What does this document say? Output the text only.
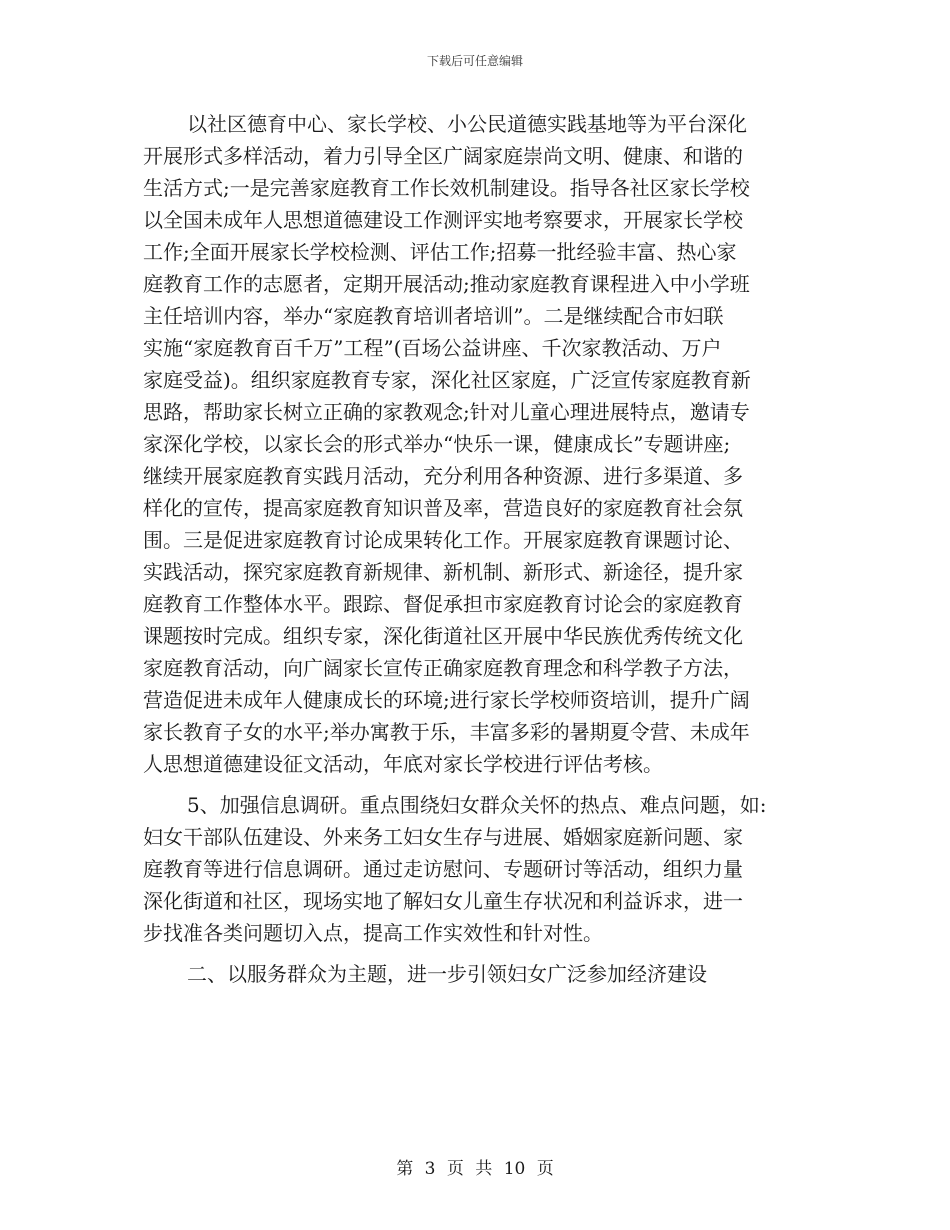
下载后可任意编辑
以社区德育中心、家长学校、小公民道德实践基地等为平台深化
开展形式多样活动，着力引导全区广阔家庭崇尚文明、健康、和谐的
生活方式;一是完善家庭教育工作长效机制建设。指导各社区家长学校
以全国未成年人思想道德建设工作测评实地考察要求，开展家长学校
工作;全面开展家长学校检测、评估工作;招募一批经验丰富、热心家
庭教育工作的志愿者，定期开展活动;推动家庭教育课程进入中小学班
主任培训内容，举办“家庭教育培训者培训”。二是继续配合市妇联
实施“家庭教育百千万”工程”(百场公益讲座、千次家教活动、万户
家庭受益)。组织家庭教育专家，深化社区家庭，广泛宣传家庭教育新
思路，帮助家长树立正确的家教观念;针对儿童心理进展特点，邀请专
家深化学校，以家长会的形式举办“快乐一课，健康成长”专题讲座;
继续开展家庭教育实践月活动，充分利用各种资源、进行多渠道、多
样化的宣传，提高家庭教育知识普及率，营造良好的家庭教育社会氛
围。三是促进家庭教育讨论成果转化工作。开展家庭教育课题讨论、
实践活动，探究家庭教育新规律、新机制、新形式、新途径，提升家
庭教育工作整体水平。跟踪、督促承担市家庭教育讨论会的家庭教育
课题按时完成。组织专家，深化街道社区开展中华民族优秀传统文化
家庭教育活动，向广阔家长宣传正确家庭教育理念和科学教子方法，
营造促进未成年人健康成长的环境;进行家长学校师资培训，提升广阔
家长教育子女的水平;举办寓教于乐，丰富多彩的暑期夏令营、未成年
人思想道德建设征文活动，年底对家长学校进行评估考核。
5、加强信息调研。重点围绕妇女群众关怀的热点、难点问题，如:
妇女干部队伍建设、外来务工妇女生存与进展、婚姻家庭新问题、家
庭教育等进行信息调研。通过走访慰问、专题研讨等活动，组织力量
深化街道和社区，现场实地了解妇女儿童生存状况和利益诉求，进一
步找准各类问题切入点，提高工作实效性和针对性。
二、以服务群众为主题，进一步引领妇女广泛参加经济建设
第 3 页 共 10 页
